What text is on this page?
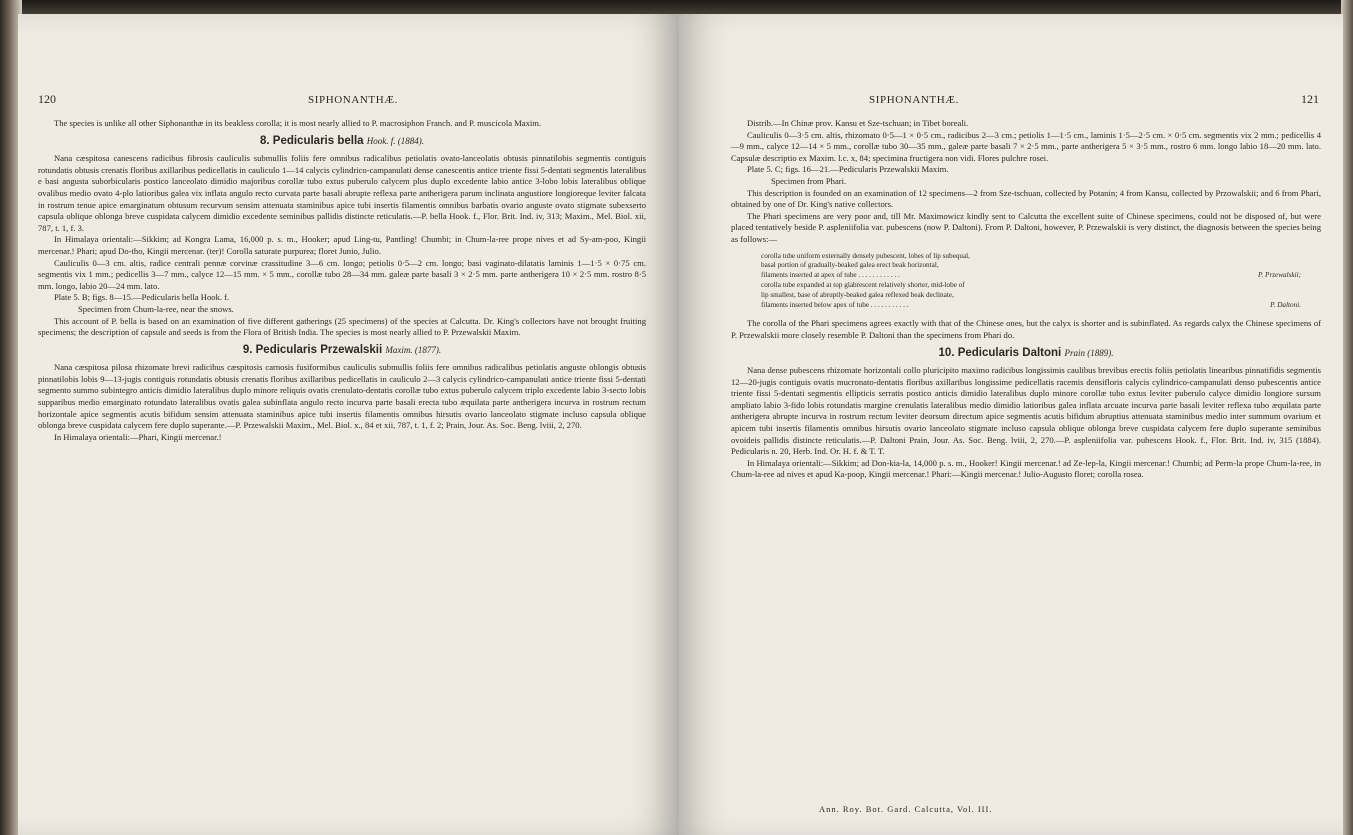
120	SIPHONANTHÆ.

The species is unlike all other Siphonanthæ in its beakless corolla; it is most nearly allied to P. macrosiphon Franch. and P. muscicola Maxim.

8. Pedicularis bella Hook. f. (1884).

Nana cæspitosa canescens radicibus fibrosis cauliculis submullis foliis fere omnibus radicalibus petiolatis ovato-lanceolatis obtusis pinnatilobis segmentis contiguis rotundatis obtusis crenatis floribus axillaribus pedicellatis in cauliculo 1—14 calycis cylindrico-campanulati dense canescentis antice triente fissi 5-dentati segmentis lateralibus e basi angusta suborbicularis postico lanceolato dimidio majoribus corollæ tubo extus puberulo calycem plus duplo excedente labio antice 3-lobo lobis lateralibus oblique ovalibus medio ovato 4-plo latioribus galea vix inflata angulo recto curvata parte basali abrupte reflexa parte antherigera parum inclinata angustiore longioreque leviter falcata in rostrum tenue apice emarginatum obtusum recurvum sensim attenuata staminibus apice tubi insertis filamentis omnibus barbatis ovario anguste ovato stigmate subexserto capsula oblique oblonga breve cuspidata calycem dimidio excedente seminibus pallidis distincte reticulatis.—P. bella Hook. f., Flor. Brit. Ind. iv, 313; Maxim., Mel. Biol. xii, 787, t. 1, f. 3.

In Himalaya orientali:—Sikkim; ad Kongra Lama, 16,000 p. s. m., Hooker; apud Ling-tu, Pantling! Chumbi; in Chum-la-ree prope nives et ad Sy-am-poo, Kingii mercenar.! Phari; apud Do-tho, Kingii mercenar. (ter)! Corolla saturate purpurea; floret Junio, Julio.

Cauliculis 0—3 cm. altis, radice centrali pennæ corvinæ crassitudine 3—6 cm. longo; petiolis 0·5—2 cm. longo; basi vaginato-dilatatis laminis 1—1·5 × 0·75 cm. segmentis vix 1 mm.; pedicellis 3—7 mm., calyce 12—15 mm. × 5 mm., corollæ tubo 28—34 mm. galeæ parte basali 3 × 2·5 mm. parte antherigera 10 × 2·5 mm. rostro 8·5 mm. longo, labio 20—24 mm. lato.

Plate 5. B; figs. 8—15.—Pedicularis bella Hook. f.

Specimen from Chum-la-ree, near the snows.

This account of P. bella is based on an examination of five different gatherings (25 specimens) of the species at Calcutta. Dr. King's collectors have not brought fruiting specimens; the description of capsule and seeds is from the Flora of British India. The species is most nearly allied to P. Przewalskii Maxim.

9. Pedicularis Przewalskii Maxim. (1877).

Nana cæspitosa pilosa rhizomate brevi radicibus cæspitosis carnosis fusiformibus cauliculis submullis foliis fere omnibus radicalibus petiolatis anguste oblongis obtusis pinnatilobis lobis 9—13-jugis contiguis rotundatis obtusis crenatis floribus axillaribus pedicellatis in cauliculo 2—3 calycis cylindrico-campanulati antice triente fissi 5-dentati segmento summo subintegro anticis dimidio lateralibus duplo minore reliquis ovatis crenulato-dentatis corollæ tubo extus puberulo calycem triplo excedente labio 3-secto lobis supparibus medio emarginato rotundato lateralibus ovatis galea subinflata angulo recto incurva parte basali erecta tubo æquilata parte antherigera incurva in rostrum rectum horizontale apice segmentis acutis bifidum sensim attenuata staminibus apice tubi insertis filamentis omnibus hirsutis ovario lanceolato stigmate incluso capsula oblique oblonga breve cuspidata calycem fere duplo superante.—P. Przewalskii Maxim., Mel. Biol. x., 84 et xii, 787, t. 1, f. 2; Prain, Jour. As. Soc. Beng. lviii, 2, 270.

In Himalaya orientali:—Phari, Kingii mercenar.!

SIPHONANTHÆ.	121

Distrib.—In Chinæ prov. Kansu et Sze-tschuan; in Tibet boreali.

Cauliculis 0—3·5 cm. altis, rhizomato 0·5—1 × 0·5 cm., radicibus 2—3 cm.; petiolis 1—1·5 cm., laminis 1·5—2·5 cm. × 0·5 cm. segmentis vix 2 mm.; pedicellis 4—9 mm., calyce 12—14 × 5 mm., corollæ tubo 30—35 mm., galeæ parte basali 7 × 2·5 mm., parte antherigera 5 × 3·5 mm., rostro 6 mm. longo labio 18—20 mm. lato. Capsulæ descriptio ex Maxim. l.c. x, 84; specimina fructigera non vidi. Flores pulchre rosei.

Plate 5. C; figs. 16—21.—Pedicularis Przewalskii Maxim.

Specimen from Phari.

This description is founded on an examination of 12 specimens—2 from Sze-tschuan, collected by Potanin; 4 from Kansu, collected by Przowalskii; and 6 from Phari, obtained by one of Dr. King's native collectors.

The Phari specimens are very poor and, till Mr. Maximowicz kindly sent to Calcutta the excellent suite of Chinese specimens, could not be disposed of, but were placed tentatively beside P. aspleniifolia var. pubescens (now P. Daltoni). From P. Daltoni, however, P. Przewalskii is very distinct, the diagnosis between the species being as follows:—

corolla tube uniform externally densely pubescent, lobes of lip subequal,
basal portion of gradually-beaked galea erect beak horizontal,
filaments inserted at apex of tube . . . . . . . . . . . .	P. Przewalskii;
corolla tube expanded at top glabrescent relatively shorter, mid-lobe of
lip smallest, base of abruptly-beaked galea reflexed beak declinate,
filaments inserted below apex of tube . . . . . . . . . . .	P. Daltoni.

The corolla of the Phari specimens agrees exactly with that of the Chinese ones, but the calyx is shorter and is subinflated. As regards calyx the Chinese specimens of P. Przewalskii more closely resemble P. Daltoni than the specimens from Phari do.

10. Pedicularis Daltoni Prain (1889).

Nana dense pubescens rhizomate horizontali collo pluricipito maximo radicibus longissimis caulibus brevibus erectis foliis petiolatis linearibus pinnatifidis segmentis 12—20-jugis contiguis ovatis mucronato-dentatis floribus axillaribus longissime pedicellatis racemis densifloris calycis cylindrico-campanulati denso pubescentis antice triente fissi 5-dentati segmentis ellipticis serratis postico anticis dimidio lateralibus duplo minore corollæ tubo extus leviter puberulo calyce dimidio longiore sursum ampliato labio 3-fido lobis rotundatis margine crenulatis lateralibus medio dimidio latioribus galea inflata arcuate incurva parte basali leviter reflexa tubo æquilata parte antherigera abrupte incurva in rostrum rectum leviter deorsum directum apice segmentis acutis bifidum abruptius attenuata staminibus medio inter summum ovarium et apicem tubi insertis filamentis omnibus hirsutis ovario lanceolato stigmate incluso capsula oblique oblonga breve cuspidata calycem fere duplo superante seminibus ovoideis pallidis distincte reticulatis.—P. Daltoni Prain, Jour. As. Soc. Beng. lviii, 2, 270.—P. aspleniifolia var. pubescens Hook. f., Flor. Brit. Ind. iv, 315 (1884). Pedicularis n. 20, Herb. Ind. Or. H. f. & T. T.

In Himalaya orientali:—Sikkim; ad Don-kia-la, 14,000 p. s. m., Hooker! Kingii mercenar.! ad Ze-lep-la, Kingii mercenar.! Chumbi; ad Perm-la prope Chum-la-ree, in Chum-la-ree ad nives et apud Ka-poop, Kingii mercenar.! Phari:—Kingii mercenar.! Julio-Augusto floret; corolla rosea.

Ann. Roy. Bot. Gard. Calcutta, Vol. III.
